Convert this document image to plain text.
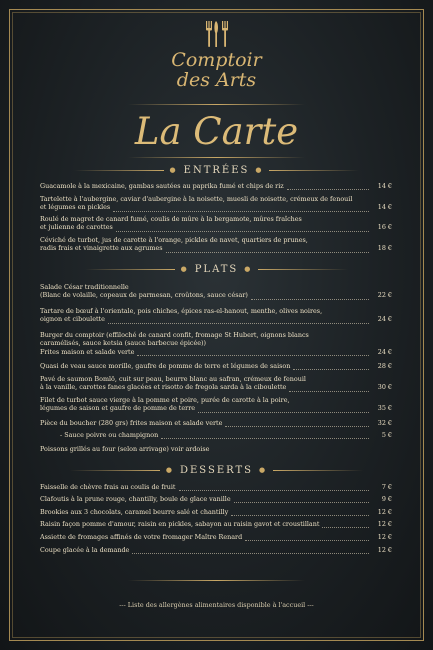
Comptoir
des Arts
La Carte
● ENTRÉES ●
Guacamole à la mexicaine, gambas sautées au paprika fumé et chips de riz	14 €
Tartelette à l'aubergine, caviar d'aubergine à la noisette, muesli de noisette, crémeux de fenouil
et légumes en pickles	14 €
Roulé de magret de canard fumé, coulis de mûre à la bergamote, mûres fraîches
et julienne de carottes	16 €
Céviché de turbot, jus de carotte à l'orange, pickles de navet, quartiers de prunes,
radis frais et vinaigrette aux agrumes	18 €
● PLATS ●
Salade César traditionnelle
(Blanc de volaille, copeaux de parmesan, croûtons, sauce césar)	22 €
Tartare de bœuf à l'orientale, pois chiches, épices ras-el-hanout, menthe, olives noires,
oignon et ciboulette	24 €
Burger du comptoir (effiloché de canard confit, fromage St Hubert, oignons blancs
caramélisés, sauce ketsia (sauce barbecue épicée))
Frites maison et salade verte	24 €
Quasi de veau sauce morille, gaufre de pomme de terre et légumes de saison	28 €
Pavé de saumon Bomlö, cuit sur peau, beurre blanc au safran, crémeux de fenouil
à la vanille, carottes fanes glacées et risotto de fregola sarda à la ciboulette	30 €
Filet de turbot sauce vierge à la pomme et poire, purée de carotte à la poire,
légumes de saison et gaufre de pomme de terre	35 €
Pièce du boucher (280 grs) frites maison et salade verte	32 €
- Sauce poivre ou champignon	5 €
Poissons grillés au four (selon arrivage) voir ardoise
● DESSERTS ●
Faisselle de chèvre frais au coulis de fruit	7 €
Clafoutis à la prune rouge, chantilly, boule de glace vanille	9 €
Brookies aux 3 chocolats, caramel beurre salé et chantilly	12 €
Raisin façon pomme d'amour, raisin en pickles, sabayon au raisin gavot et croustillant	12 €
Assiette de fromages affinés de votre fromager Maître Renard	12 €
Coupe glacée à la demande	12 €
--- Liste des allergènes alimentaires disponible à l'accueil ---
